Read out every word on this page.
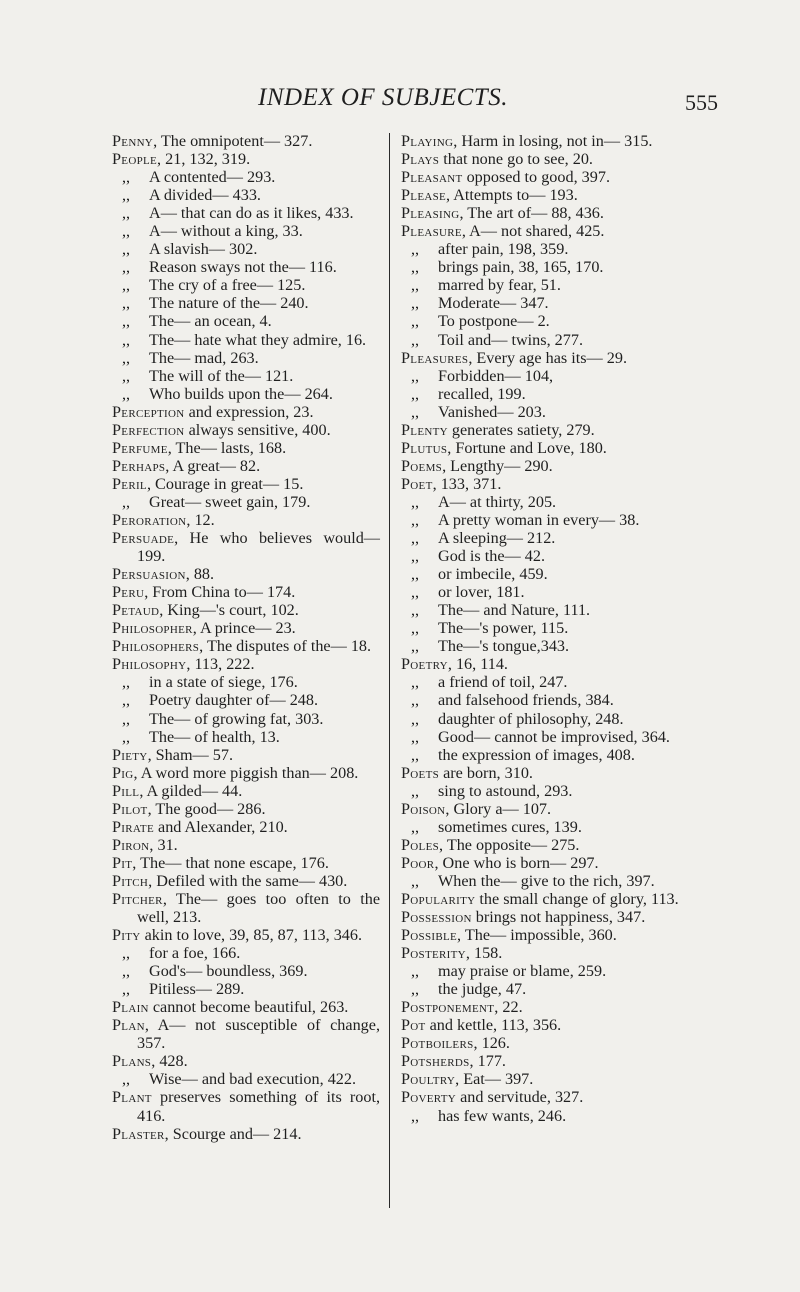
INDEX OF SUBJECTS.	555
Penny, The omnipotent— 327.
People, 21, 132, 319.
,, A contented— 293.
,, A divided— 433.
,, A— that can do as it likes, 433.
,, A— without a king, 33.
,, A slavish— 302.
,, Reason sways not the— 116.
,, The cry of a free— 125.
,, The nature of the— 240.
,, The— an ocean, 4.
,, The— hate what they admire, 16.
,, The— mad, 263.
,, The will of the— 121.
,, Who builds upon the— 264.
Perception and expression, 23.
Perfection always sensitive, 400.
Perfume, The— lasts, 168.
Perhaps, A great— 82.
Peril, Courage in great— 15.
,, Great— sweet gain, 179.
Peroration, 12.
Persuade, He who believes would— 199.
Persuasion, 88.
Peru, From China to— 174.
Petaud, King—'s court, 102.
Philosopher, A prince— 23.
Philosophers, The disputes of the— 18.
Philosophy, 113, 222.
,, in a state of siege, 176.
,, Poetry daughter of— 248.
,, The— of growing fat, 303.
,, The— of health, 13.
Piety, Sham— 57.
Pig, A word more piggish than— 208.
Pill, A gilded— 44.
Pilot, The good— 286.
Pirate and Alexander, 210.
Piron, 31.
Pit, The— that none escape, 176.
Pitch, Defiled with the same— 430.
Pitcher, The— goes too often to the well, 213.
Pity akin to love, 39, 85, 87, 113, 346.
,, for a foe, 166.
,, God's— boundless, 369.
,, Pitiless— 289.
Plain cannot become beautiful, 263.
Plan, A— not susceptible of change, 357.
Plans, 428.
,, Wise— and bad execution, 422.
Plant preserves something of its root, 416.
Plaster, Scourge and— 214.
Playing, Harm in losing, not in— 315.
Plays that none go to see, 20.
Pleasant opposed to good, 397.
Please, Attempts to— 193.
Pleasing, The art of— 88, 436.
Pleasure, A— not shared, 425.
,, after pain, 198, 359.
,, brings pain, 38, 165, 170.
,, marred by fear, 51.
,, Moderate— 347.
,, To postpone— 2.
,, Toil and— twins, 277.
Pleasures, Every age has its— 29.
,, Forbidden— 104,
,, recalled, 199.
,, Vanished— 203.
Plenty generates satiety, 279.
Plutus, Fortune and Love, 180.
Poems, Lengthy— 290.
Poet, 133, 371.
,, A— at thirty, 205.
,, A pretty woman in every— 38.
,, A sleeping— 212.
,, God is the— 42.
,, or imbecile, 459.
,, or lover, 181.
,, The— and Nature, 111.
,, The—'s power, 115.
,, The—'s tongue,343.
Poetry, 16, 114.
,, a friend of toil, 247.
,, and falsehood friends, 384.
,, daughter of philosophy, 248.
,, Good— cannot be improvised, 364.
,, the expression of images, 408.
Poets are born, 310.
,, sing to astound, 293.
Poison, Glory a— 107.
,, sometimes cures, 139.
Poles, The opposite— 275.
Poor, One who is born— 297.
,, When the— give to the rich, 397.
Popularity the small change of glory, 113.
Possession brings not happiness, 347.
Possible, The— impossible, 360.
Posterity, 158.
,, may praise or blame, 259.
,, the judge, 47.
Postponement, 22.
Pot and kettle, 113, 356.
Potboilers, 126.
Potsherds, 177.
Poultry, Eat— 397.
Poverty and servitude, 327.
,, has few wants, 246.
